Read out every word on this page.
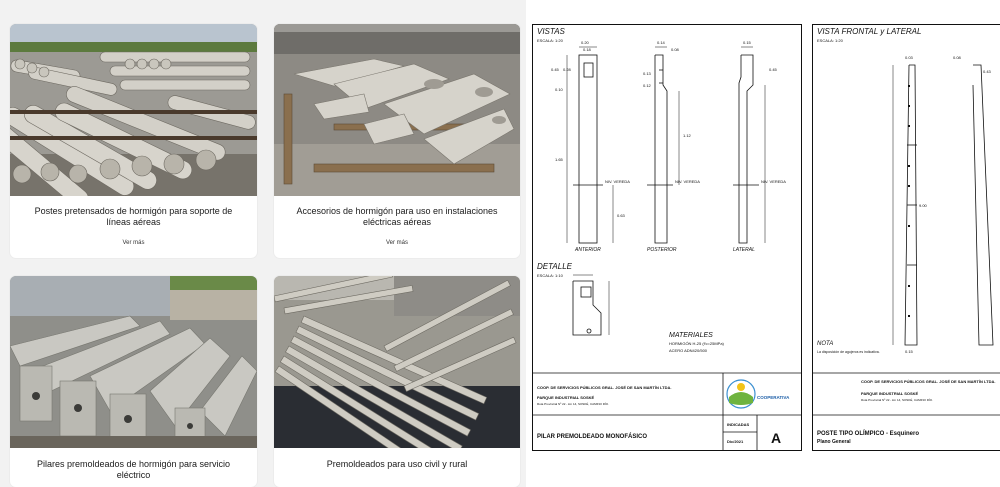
Postes pretensados de hormigón para soporte de líneas aéreas
Ver más
Accesorios de hormigón para uso en instalaciones eléctricas aéreas
Ver más
Pilares premoldeados de hormigón para servicio eléctrico
Premoldeados para uso civil y rural
VISTAS
ESCALA: 1:20
ANTERIOR	POSTERIOR	LATERAL
DETALLE
ESCALA: 1:10
MATERIALES
HORMIGÓN H-25 (f'c=25MPa)
ACERO ADN420/500
NIV. VEREDA	NIV. VEREDA	NIV. VEREDA
0.20
0.18
0.14
0.08
0.15
0.45 0.28
0.10
0.13
0.12
1.12
1.65
0.63
0.45
COOP. DE SERVICIOS PÚBLICOS GRAL. JOSÉ DE SAN MARTÍN LTDA.
PARQUE INDUSTRIAL SOSKÉ
Ruta Provincial Nº 22 - km 14, SOSKÉ, CAMINO RÍO.
PILAR PREMOLDEADO MONOFÁSICO
INDICADAS
Dic/2021 A
COOPERATIVA
VISTA FRONTAL y LATERAL
ESCALA: 1:20
0.03	0.08
0.43
9.00
0.15
NOTA
La disposición de agujeros es indicativa.
COOP. DE SERVICIOS PÚBLICOS GRAL. JOSÉ DE SAN MARTÍN LTDA.
PARQUE INDUSTRIAL SOSKÉ
Ruta Provincial Nº 22 - km 14, SOSKÉ, CAMINO RÍO.
POSTE TIPO OLÍMPICO - Esquinero
Plano General
